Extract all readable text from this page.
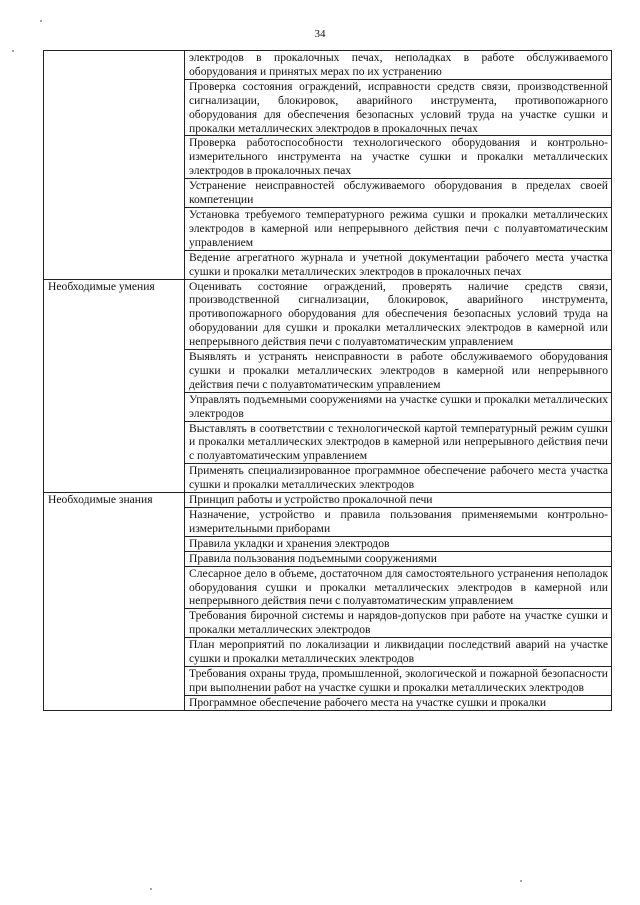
34
	электродов в прокалочных печах, неполадках в работе обслуживаемого оборудования и принятых мерах по их устранению
	Проверка состояния ограждений, исправности средств связи, производственной сигнализации, блокировок, аварийного инструмента, противопожарного оборудования для обеспечения безопасных условий труда на участке сушки и прокалки металлических электродов в прокалочных печах
	Проверка работоспособности технологического оборудования и контрольно-измерительного инструмента на участке сушки и прокалки металлических электродов в прокалочных печах
	Устранение неисправностей обслуживаемого оборудования в пределах своей компетенции
	Установка требуемого температурного режима сушки и прокалки металлических электродов в камерной или непрерывного действия печи с полуавтоматическим управлением
	Ведение агрегатного журнала и учетной документации рабочего места участка сушки и прокалки металлических электродов в прокалочных печах
Необходимые умения	Оценивать состояние ограждений, проверять наличие средств связи, производственной сигнализации, блокировок, аварийного инструмента, противопожарного оборудования для обеспечения безопасных условий труда на оборудовании для сушки и прокалки металлических электродов в камерной или непрерывного действия печи с полуавтоматическим управлением
	Выявлять и устранять неисправности в работе обслуживаемого оборудования сушки и прокалки металлических электродов в камерной или непрерывного действия печи с полуавтоматическим управлением
	Управлять подъемными сооружениями на участке сушки и прокалки металлических электродов
	Выставлять в соответствии с технологической картой температурный режим сушки и прокалки металлических электродов в камерной или непрерывного действия печи с полуавтоматическим управлением
	Применять специализированное программное обеспечение рабочего места участка сушки и прокалки металлических электродов
Необходимые знания	Принцип работы и устройство прокалочной печи
	Назначение, устройство и правила пользования применяемыми контрольно-измерительными приборами
	Правила укладки и хранения электродов
	Правила пользования подъемными сооружениями
	Слесарное дело в объеме, достаточном для самостоятельного устранения неполадок оборудования сушки и прокалки металлических электродов в камерной или непрерывного действия печи с полуавтоматическим управлением
	Требования бирочной системы и нарядов-допусков при работе на участке сушки и прокалки металлических электродов
	План мероприятий по локализации и ликвидации последствий аварий на участке сушки и прокалки металлических электродов
	Требования охраны труда, промышленной, экологической и пожарной безопасности при выполнении работ на участке сушки и прокалки металлических электродов
	Программное обеспечение рабочего места на участке сушки и прокалки
